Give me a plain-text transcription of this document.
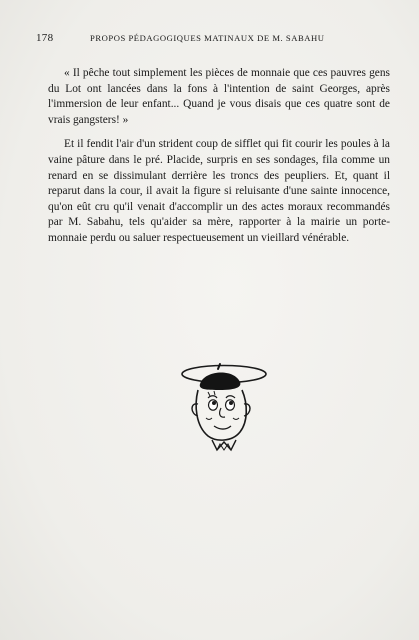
178	PROPOS PÉDAGOGIQUES MATINAUX DE M. SABAHU

« Il pêche tout simplement les pièces de monnaie que ces pauvres gens du Lot ont lancées dans la fons à l'intention de saint Georges, après l'immersion de leur enfant... Quand je vous disais que ces quatre sont de vrais gangsters! »

Et il fendit l'air d'un strident coup de sifflet qui fit courir les poules à la vaine pâture dans le pré. Placide, surpris en ses sondages, fila comme un renard en se dissimulant derrière les troncs des peupliers. Et, quant il reparut dans la cour, il avait la figure si reluisante d'une sainte innocence, qu'on eût cru qu'il venait d'accomplir un des actes moraux recommandés par M. Sabahu, tels qu'aider sa mère, rapporter à la mairie un porte-monnaie perdu ou saluer respectueusement un vieillard vénérable.
